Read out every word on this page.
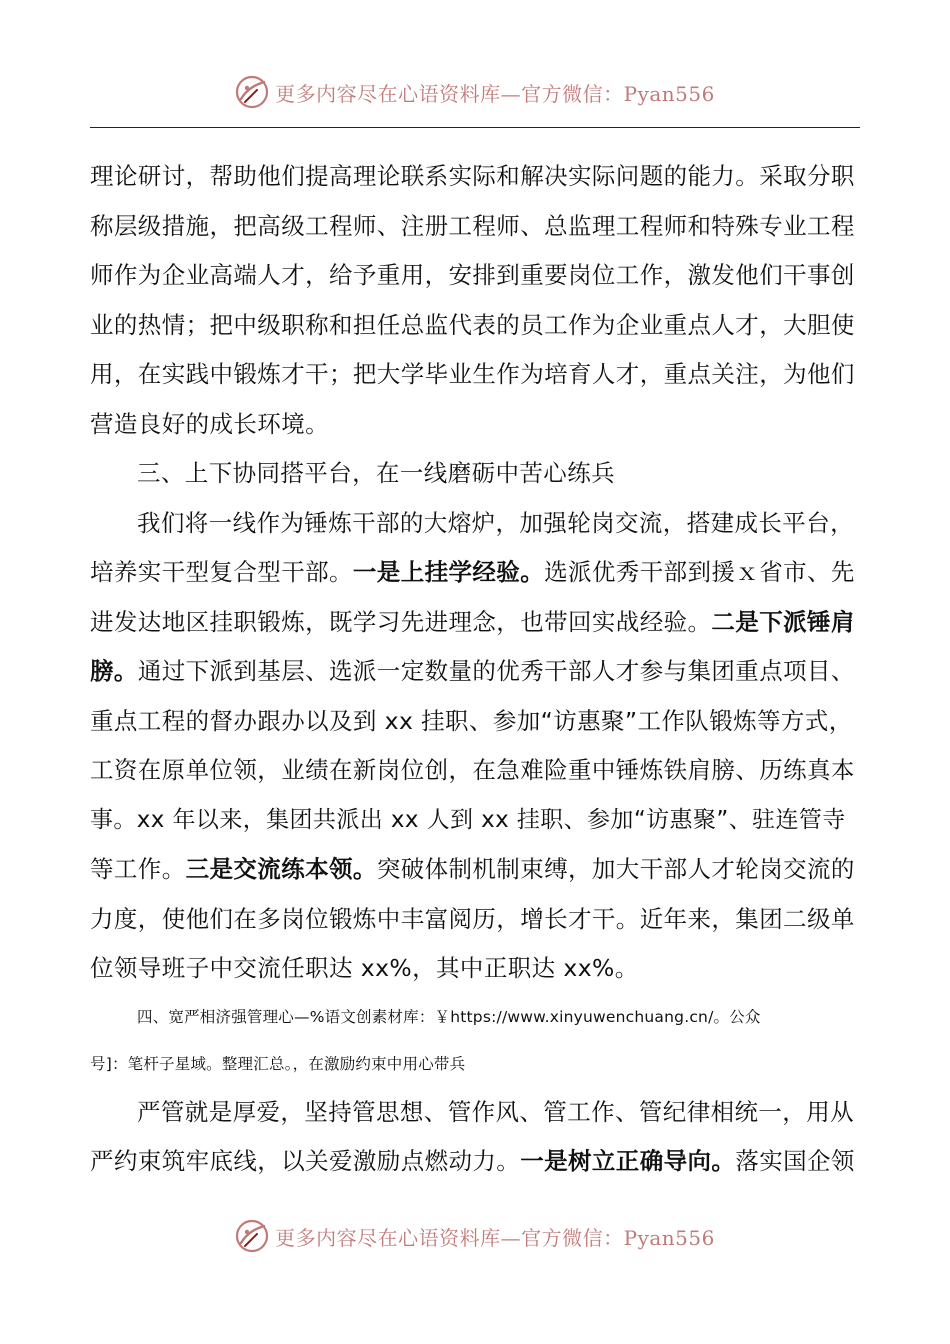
更多内容尽在心语资料库—官方微信：Pyan556
理论研讨，帮助他们提高理论联系实际和解决实际问题的能力。采取分职
称层级措施，把高级工程师、注册工程师、总监理工程师和特殊专业工程
师作为企业高端人才，给予重用，安排到重要岗位工作，激发他们干事创
业的热情；把中级职称和担任总监代表的员工作为企业重点人才，大胆使
用，在实践中锻炼才干；把大学毕业生作为培育人才，重点关注，为他们
营造良好的成长环境。
三、上下协同搭平台，在一线磨砺中苦心练兵
我们将一线作为锤炼干部的大熔炉，加强轮岗交流，搭建成长平台，
培养实干型复合型干部。一是上挂学经验。选派优秀干部到援ｘ省市、先
进发达地区挂职锻炼，既学习先进理念，也带回实战经验。二是下派锤肩
膀。通过下派到基层、选派一定数量的优秀干部人才参与集团重点项目、
重点工程的督办跟办以及到 xx 挂职、参加“访惠聚”工作队锻炼等方式，
工资在原单位领，业绩在新岗位创，在急难险重中锤炼铁肩膀、历练真本
事。xx 年以来，集团共派出 xx 人到 xx 挂职、参加“访惠聚”、驻连管寺
等工作。三是交流练本领。突破体制机制束缚，加大干部人才轮岗交流的
力度，使他们在多岗位锻炼中丰富阅历，增长才干。近年来，集团二级单
位领导班子中交流任职达 xx%，其中正职达 xx%。
四、宽严相济强管理心—%语文创素材库：￥https://www.xinyuwenchuang.cn/。公众
号]：笔杆子星域。整理汇总。，在激励约束中用心带兵
严管就是厚爱，坚持管思想、管作风、管工作、管纪律相统一，用从
严约束筑牢底线，以关爱激励点燃动力。一是树立正确导向。落实国企领
更多内容尽在心语资料库—官方微信：Pyan556
